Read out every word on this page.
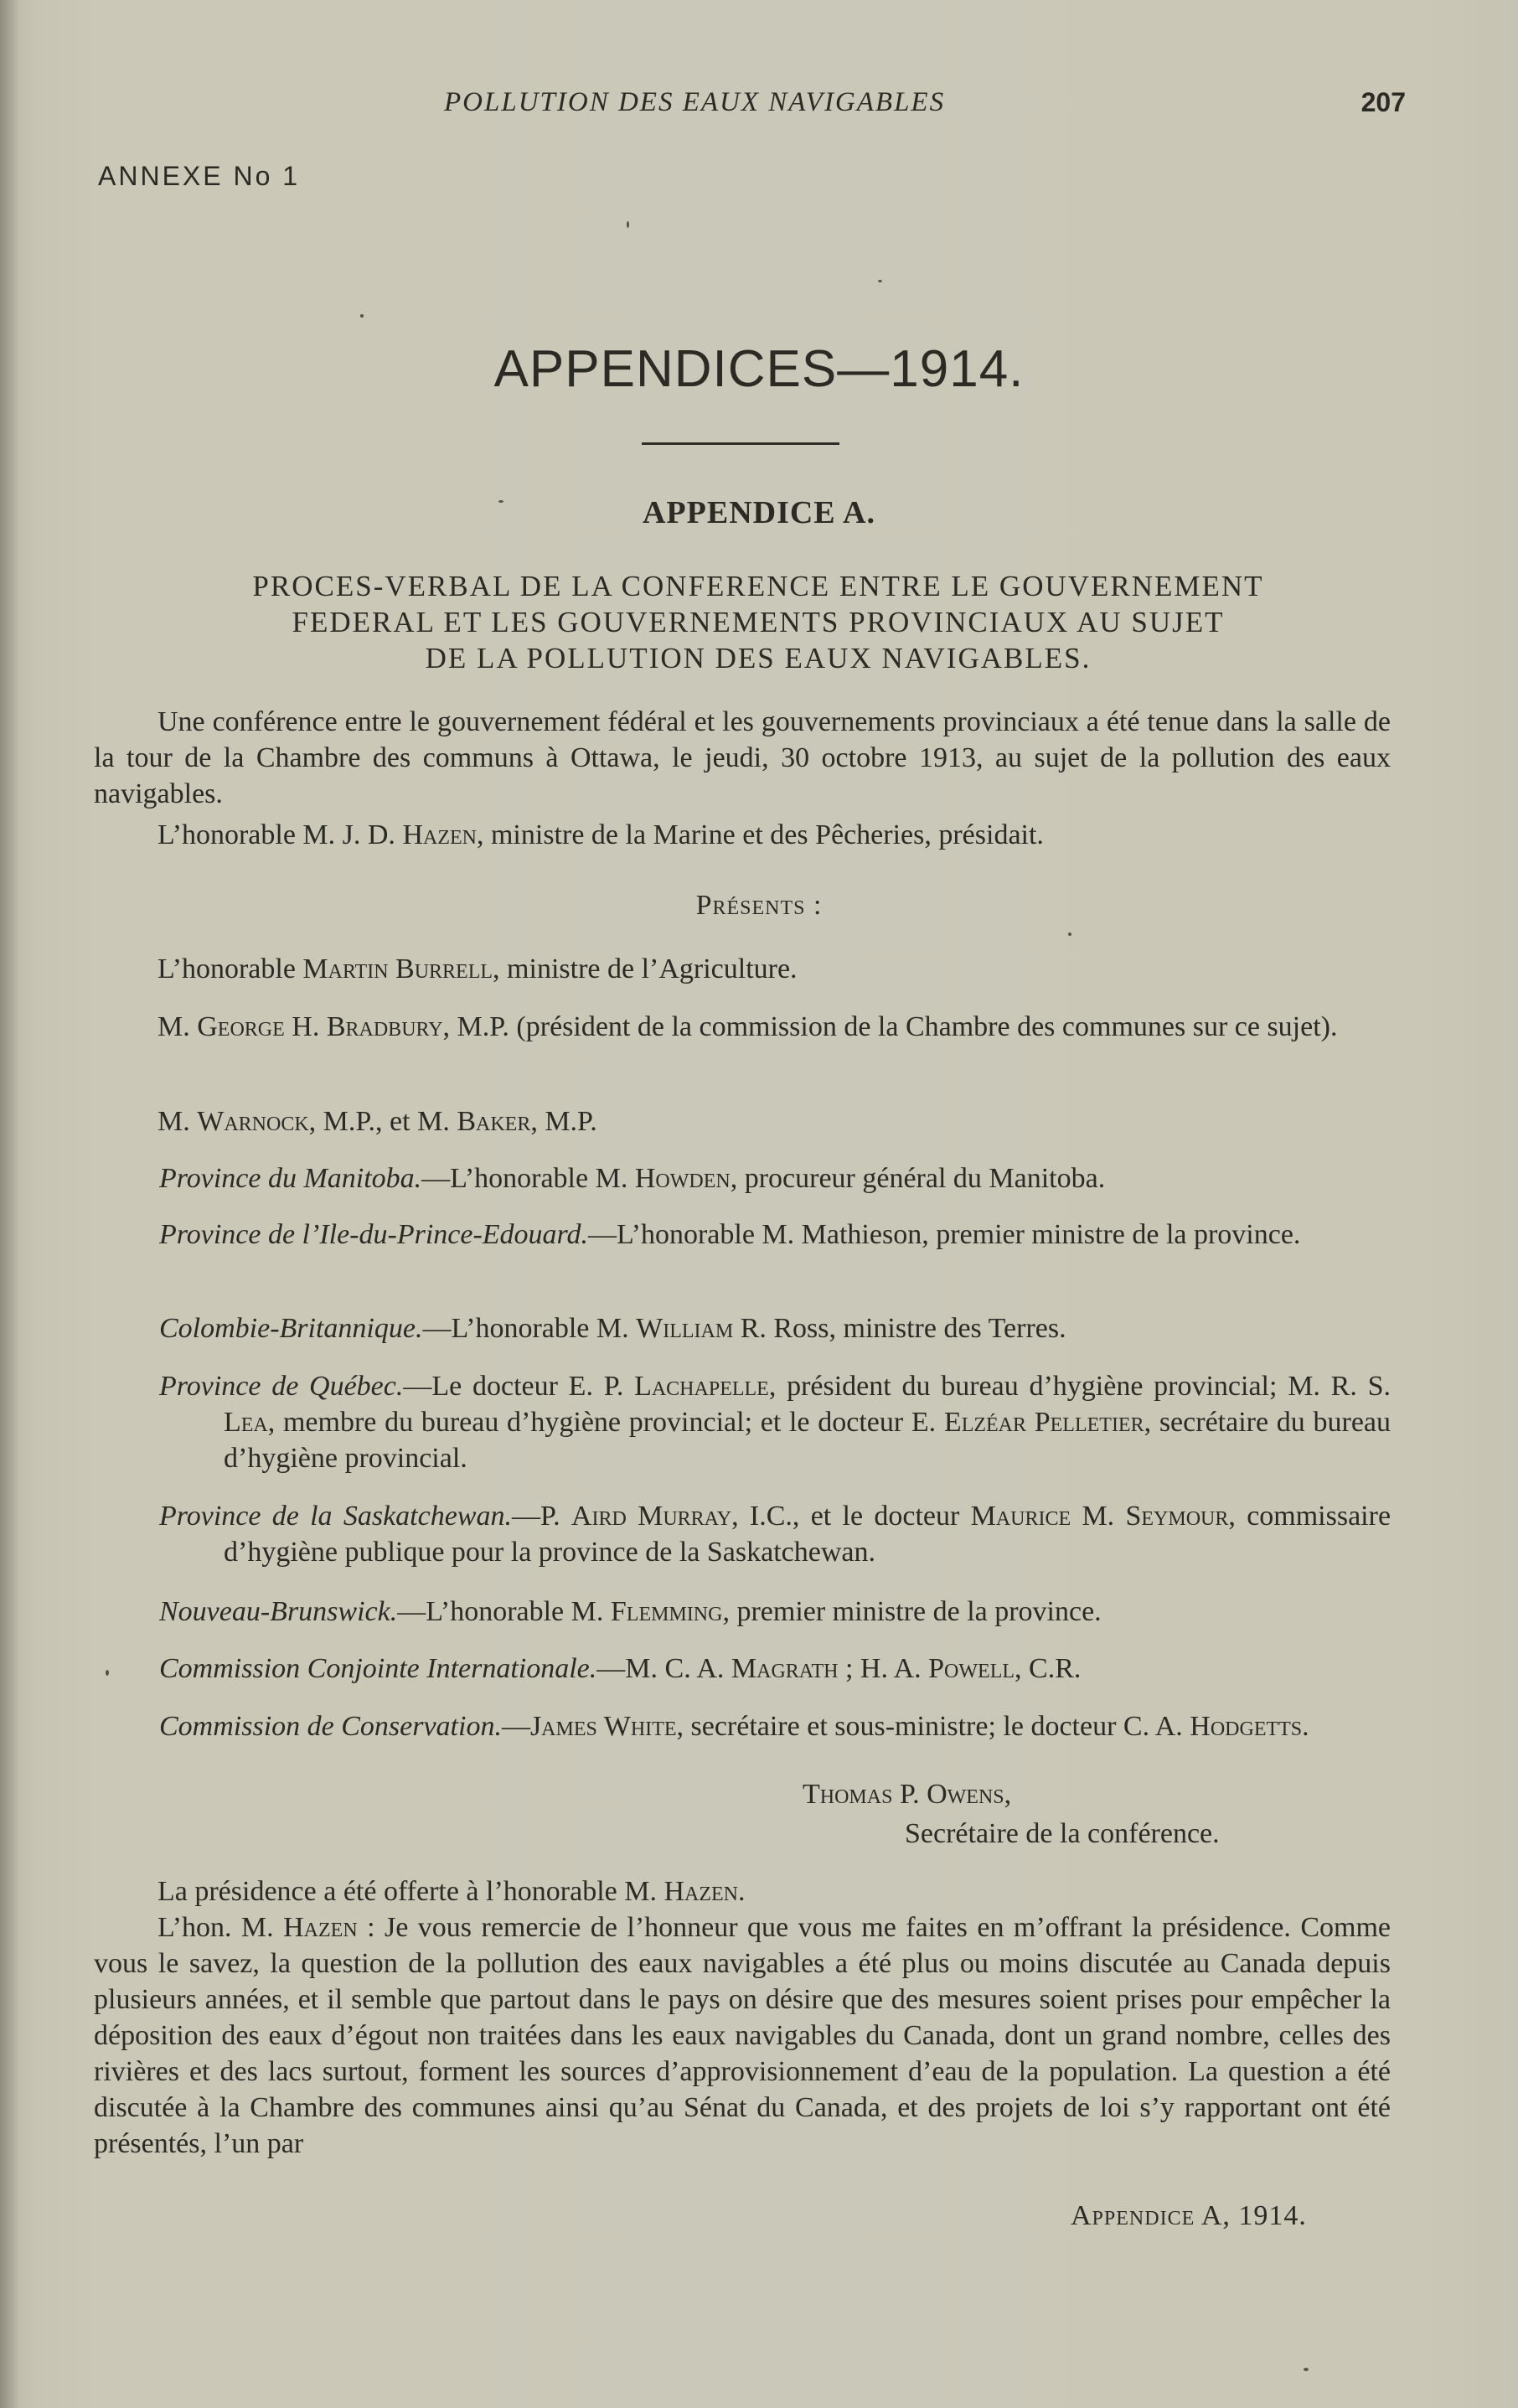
POLLUTION DES EAUX NAVIGABLES	207
ANNEXE No 1
APPENDICES—1914.
APPENDICE A.
PROCES-VERBAL DE LA CONFERENCE ENTRE LE GOUVERNEMENT
FEDERAL ET LES GOUVERNEMENTS PROVINCIAUX AU SUJET
DE LA POLLUTION DES EAUX NAVIGABLES.
Une conférence entre le gouvernement fédéral et les gouvernements provinciaux a été tenue dans la salle de la tour de la Chambre des communs à Ottawa, le jeudi, 30 octobre 1913, au sujet de la pollution des eaux navigables.
L’honorable M. J. D. Hazen, ministre de la Marine et des Pêcheries, présidait.
Présents :
L’honorable Martin Burrell, ministre de l’Agriculture.
M. George H. Bradbury, M.P. (président de la commission de la Chambre des communes sur ce sujet).
M. Warnock, M.P., et M. Baker, M.P.
Province du Manitoba.—L’honorable M. Howden, procureur général du Manitoba.
Province de l’Ile-du-Prince-Edouard.—L’honorable M. Mathieson, premier ministre de la province.
Colombie-Britannique.—L’honorable M. William R. Ross, ministre des Terres.
Province de Québec.—Le docteur E. P. Lachapelle, président du bureau d’hygiène provincial; M. R. S. Lea, membre du bureau d’hygiène provincial; et le docteur E. Elzéar Pelletier, secrétaire du bureau d’hygiène provincial.
Province de la Saskatchewan.—P. Aird Murray, I.C., et le docteur Maurice M. Seymour, commissaire d’hygiène publique pour la province de la Saskatchewan.
Nouveau-Brunswick.—L’honorable M. Flemming, premier ministre de la province.
Commission Conjointe Internationale.—M. C. A. Magrath ; H. A. Powell, C.R.
Commission de Conservation.—James White, secrétaire et sous-ministre; le docteur C. A. Hodgetts.
Thomas P. Owens,
Secrétaire de la conférence.
La présidence a été offerte à l’honorable M. Hazen.
L’hon. M. Hazen : Je vous remercie de l’honneur que vous me faites en m’offrant la présidence. Comme vous le savez, la question de la pollution des eaux navigables a été plus ou moins discutée au Canada depuis plusieurs années, et il semble que partout dans le pays on désire que des mesures soient prises pour empêcher la déposition des eaux d’égout non traitées dans les eaux navigables du Canada, dont un grand nombre, celles des rivières et des lacs surtout, forment les sources d’approvisionnement d’eau de la population. La question a été discutée à la Chambre des communes ainsi qu’au Sénat du Canada, et des projets de loi s’y rapportant ont été présentés, l’un par
Appendice A, 1914.
